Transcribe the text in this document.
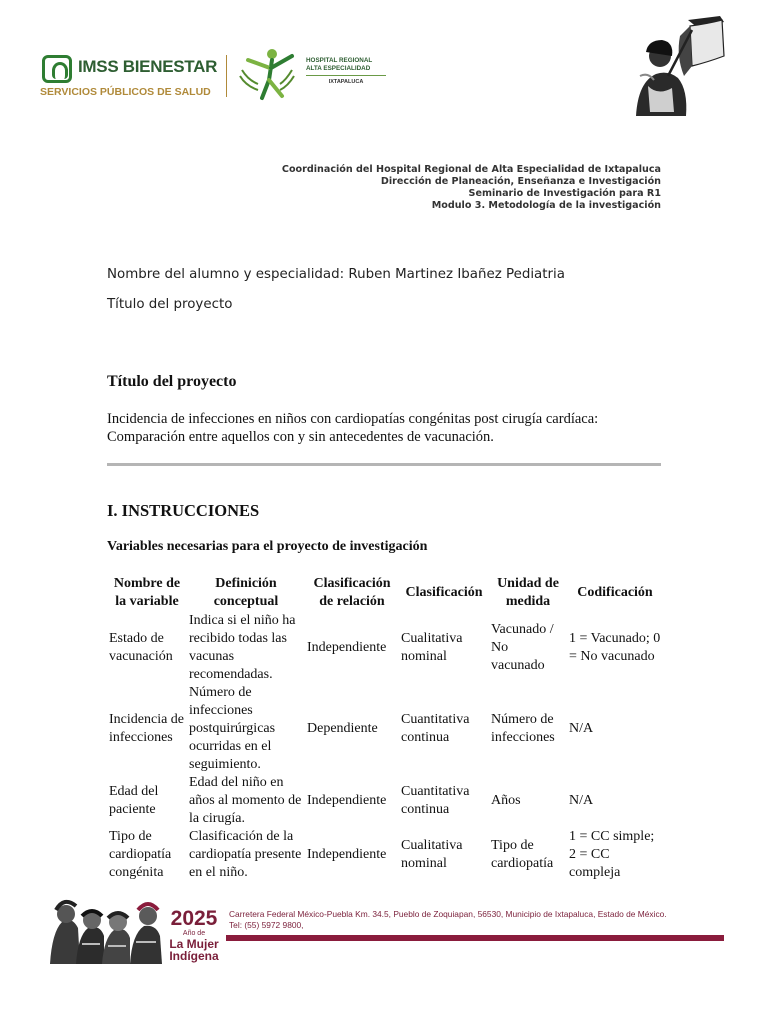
IMSS BIENESTAR
SERVICIOS PÚBLICOS DE SALUD
HOSPITAL REGIONAL
ALTA ESPECIALIDAD
IXTAPALUCA
Coordinación del Hospital Regional de Alta Especialidad de Ixtapaluca
Dirección de Planeación, Enseñanza e Investigación
Seminario de Investigación para R1
Modulo 3. Metodología de la investigación
Nombre del alumno y especialidad: Ruben Martinez Ibañez Pediatria
Título del proyecto
Título del proyecto
Incidencia de infecciones en niños con cardiopatías congénitas post cirugía cardíaca:
Comparación entre aquellos con y sin antecedentes de vacunación.
I. INSTRUCCIONES
Variables necesarias para el proyecto de investigación
Nombre de la variable	Definición conceptual	Clasificación de relación	Clasificación	Unidad de medida	Codificación
Estado de vacunación	Indica si el niño ha recibido todas las vacunas recomendadas.	Independiente	Cualitativa nominal	Vacunado / No vacunado	1 = Vacunado; 0 = No vacunado
Incidencia de infecciones	Número de infecciones postquirúrgicas ocurridas en el seguimiento.	Dependiente	Cuantitativa continua	Número de infecciones	N/A
Edad del paciente	Edad del niño en años al momento de la cirugía.	Independiente	Cuantitativa continua	Años	N/A
Tipo de cardiopatía congénita	Clasificación de la cardiopatía presente en el niño.	Independiente	Cualitativa nominal	Tipo de cardiopatía	1 = CC simple; 2 = CC compleja
2025
Año de
La Mujer
Indígena
Carretera Federal México-Puebla Km. 34.5, Pueblo de Zoquiapan, 56530, Municipio de Ixtapaluca, Estado de México.
Tel: (55) 5972 9800,
